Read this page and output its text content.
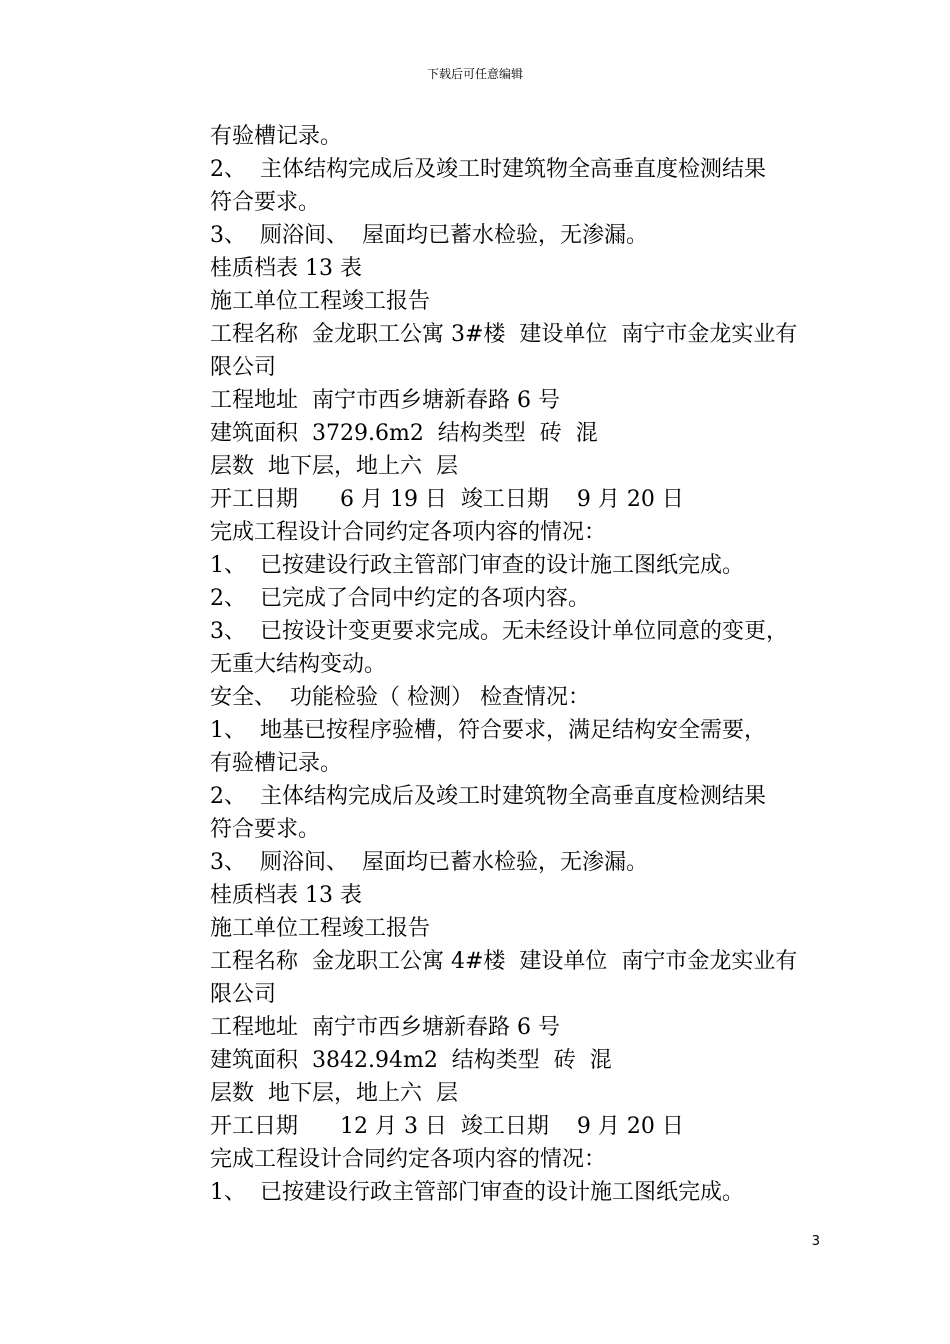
下载后可任意编辑
有验槽记录。
2、  主体结构完成后及竣工时建筑物全高垂直度检测结果
符合要求。
3、  厕浴间、  屋面均已蓄水检验，无渗漏。
桂质档表 13 表
施工单位工程竣工报告
工程名称  金龙职工公寓 3#楼  建设单位  南宁市金龙实业有
限公司
工程地址  南宁市西乡塘新春路 6 号
建筑面积  3729.6m2  结构类型  砖  混
层数  地下层，地上六  层
开工日期      6 月 19 日  竣工日期    9 月 20 日
完成工程设计合同约定各项内容的情况：
1、  已按建设行政主管部门审查的设计施工图纸完成。
2、  已完成了合同中约定的各项内容。
3、  已按设计变更要求完成。无未经设计单位同意的变更，
无重大结构变动。
安全、  功能检验（ 检测） 检查情况：
1、  地基已按程序验槽，符合要求，满足结构安全需要，
有验槽记录。
2、  主体结构完成后及竣工时建筑物全高垂直度检测结果
符合要求。
3、  厕浴间、  屋面均已蓄水检验，无渗漏。
桂质档表 13 表
施工单位工程竣工报告
工程名称  金龙职工公寓 4#楼  建设单位  南宁市金龙实业有
限公司
工程地址  南宁市西乡塘新春路 6 号
建筑面积  3842.94m2  结构类型  砖  混
层数  地下层，地上六  层
开工日期      12 月 3 日  竣工日期    9 月 20 日
完成工程设计合同约定各项内容的情况：
1、  已按建设行政主管部门审查的设计施工图纸完成。
3
